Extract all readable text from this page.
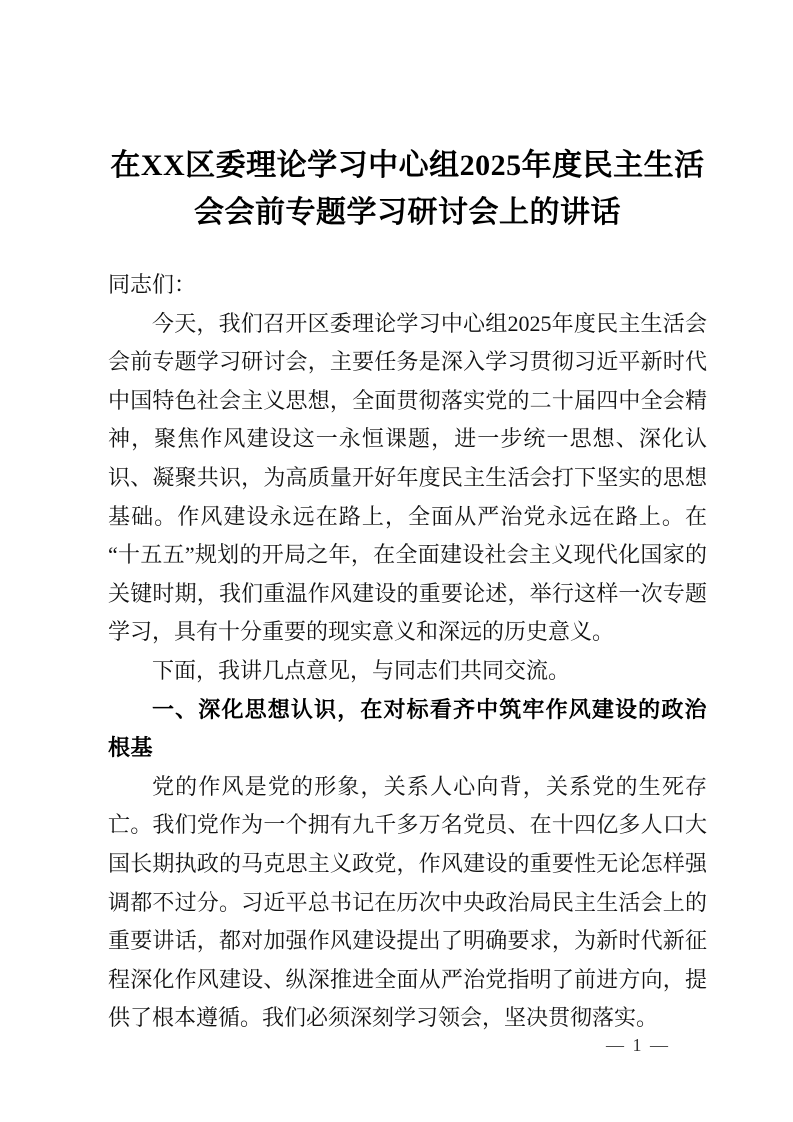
在XX区委理论学习中心组2025年度民主生活会会前专题学习研讨会上的讲话

同志们：

今天，我们召开区委理论学习中心组2025年度民主生活会会前专题学习研讨会，主要任务是深入学习贯彻习近平新时代中国特色社会主义思想，全面贯彻落实党的二十届四中全会精神，聚焦作风建设这一永恒课题，进一步统一思想、深化认识、凝聚共识，为高质量开好年度民主生活会打下坚实的思想基础。作风建设永远在路上，全面从严治党永远在路上。在“十五五”规划的开局之年，在全面建设社会主义现代化国家的关键时期，我们重温作风建设的重要论述，举行这样一次专题学习，具有十分重要的现实意义和深远的历史意义。

下面，我讲几点意见，与同志们共同交流。

一、深化思想认识，在对标看齐中筑牢作风建设的政治根基

党的作风是党的形象，关系人心向背，关系党的生死存亡。我们党作为一个拥有九千多万名党员、在十四亿多人口大国长期执政的马克思主义政党，作风建设的重要性无论怎样强调都不过分。习近平总书记在历次中央政治局民主生活会上的重要讲话，都对加强作风建设提出了明确要求，为新时代新征程深化作风建设、纵深推进全面从严治党指明了前进方向，提供了根本遵循。我们必须深刻学习领会，坚决贯彻落实。

— 1 —
